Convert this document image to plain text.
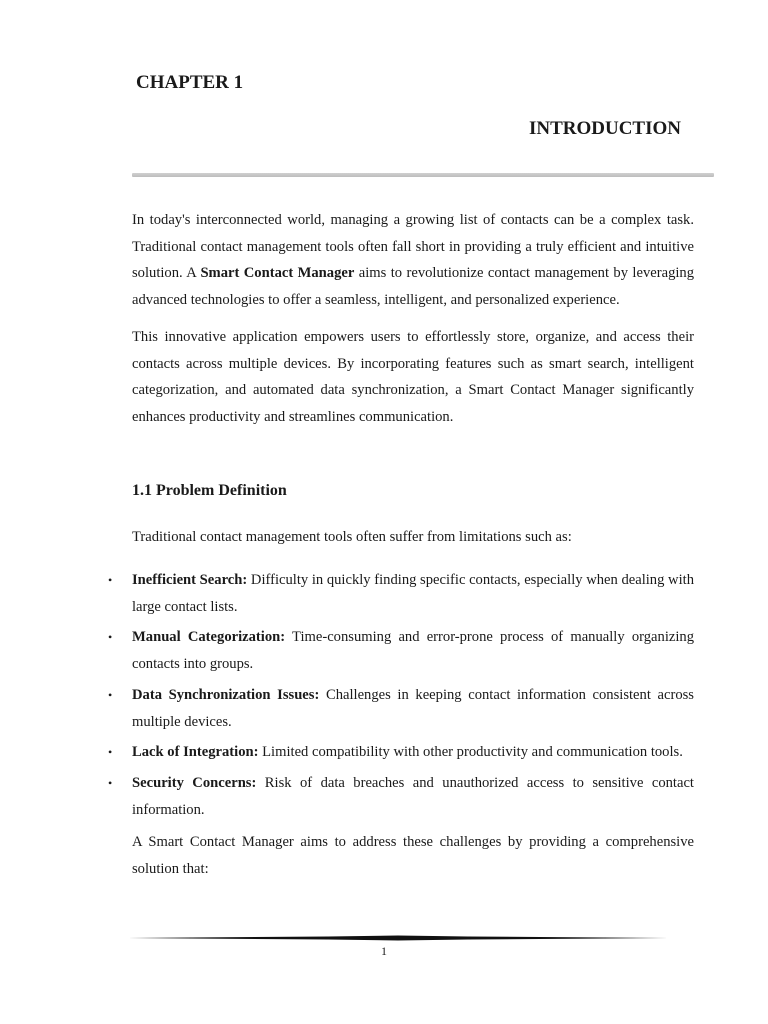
CHAPTER 1
INTRODUCTION

In today's interconnected world, managing a growing list of contacts can be a complex task. Traditional contact management tools often fall short in providing a truly efficient and intuitive solution. A Smart Contact Manager aims to revolutionize contact management by leveraging advanced technologies to offer a seamless, intelligent, and personalized experience.

This innovative application empowers users to effortlessly store, organize, and access their contacts across multiple devices. By incorporating features such as smart search, intelligent categorization, and automated data synchronization, a Smart Contact Manager significantly enhances productivity and streamlines communication.

1.1 Problem Definition

Traditional contact management tools often suffer from limitations such as:

• Inefficient Search: Difficulty in quickly finding specific contacts, especially when dealing with large contact lists.
• Manual Categorization: Time-consuming and error-prone process of manually organizing contacts into groups.
• Data Synchronization Issues: Challenges in keeping contact information consistent across multiple devices.
• Lack of Integration: Limited compatibility with other productivity and communication tools.
• Security Concerns: Risk of data breaches and unauthorized access to sensitive contact information.

A Smart Contact Manager aims to address these challenges by providing a comprehensive solution that:

1
